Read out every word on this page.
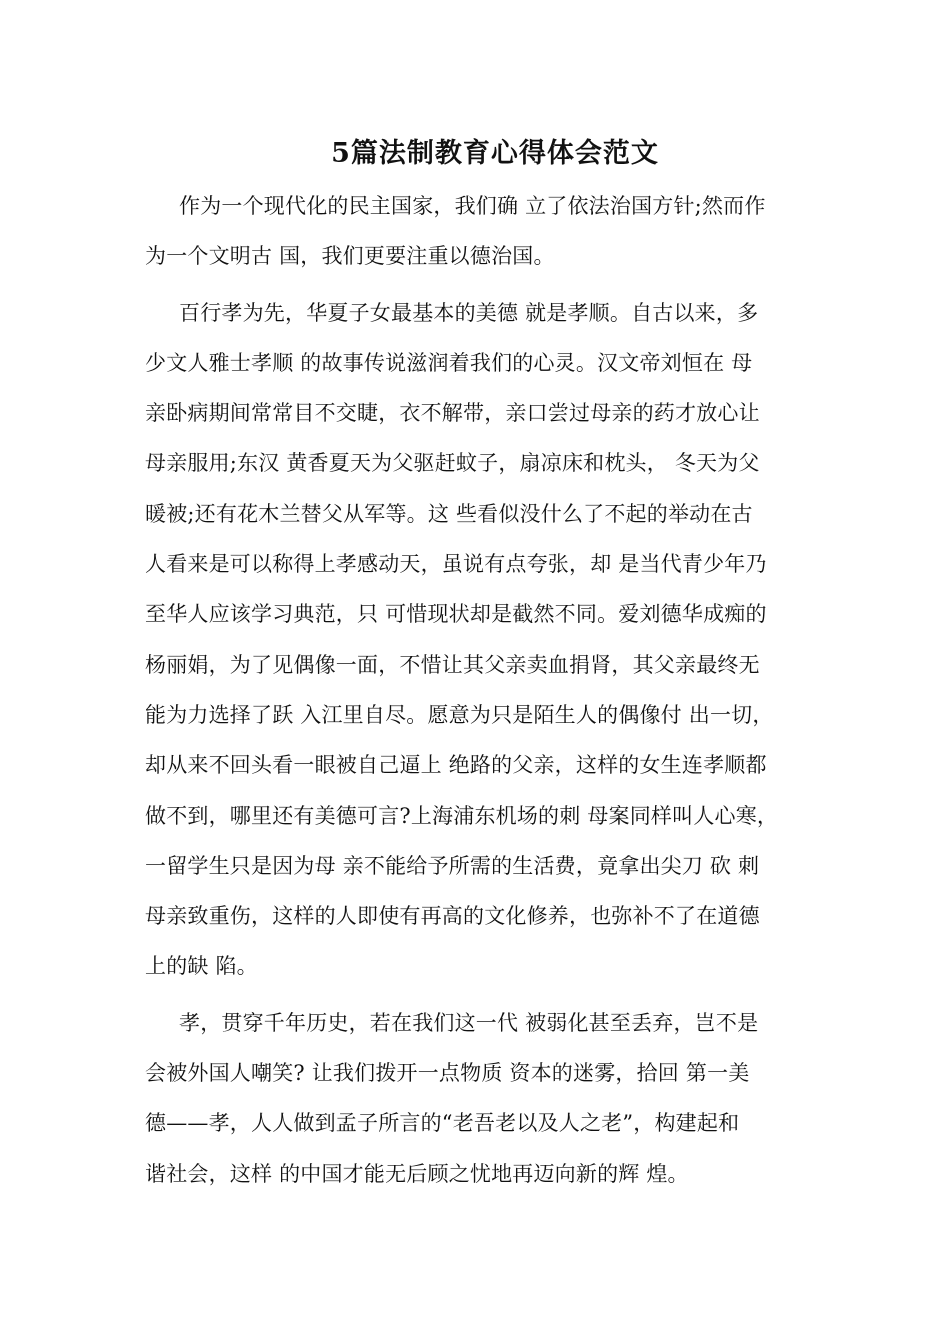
5篇法制教育心得体会范文

作为一个现代化的民主国家，我们确 立了依法治国方针;然而作
为一个文明古 国，我们更要注重以德治国。

百行孝为先，华夏子女最基本的美德 就是孝顺。自古以来，多
少文人雅士孝顺 的故事传说滋润着我们的心灵。汉文帝刘恒在 母
亲卧病期间常常目不交睫，衣不解带，亲口尝过母亲的药才放心让
母亲服用;东汉 黄香夏天为父驱赶蚊子，扇凉床和枕头， 冬天为父
暖被;还有花木兰替父从军等。这 些看似没什么了不起的举动在古
人看来是可以称得上孝感动天，虽说有点夸张，却 是当代青少年乃
至华人应该学习典范，只 可惜现状却是截然不同。爱刘德华成痴的
杨丽娟，为了见偶像一面，不惜让其父亲卖血捐肾，其父亲最终无
能为力选择了跃 入江里自尽。愿意为只是陌生人的偶像付 出一切，
却从来不回头看一眼被自己逼上 绝路的父亲，这样的女生连孝顺都
做不到，哪里还有美德可言?上海浦东机场的刺 母案同样叫人心寒，
一留学生只是因为母 亲不能给予所需的生活费，竟拿出尖刀 砍 刺
母亲致重伤，这样的人即使有再高的文化修养，也弥补不了在道德
上的缺 陷。

孝，贯穿千年历史，若在我们这一代 被弱化甚至丢弃，岂不是
会被外国人嘲笑? 让我们拨开一点物质 资本的迷雾，拾回 第一美
德——孝，人人做到孟子所言的“老吾老以及人之老”，构建起和
谐社会，这样 的中国才能无后顾之忧地再迈向新的辉 煌。
